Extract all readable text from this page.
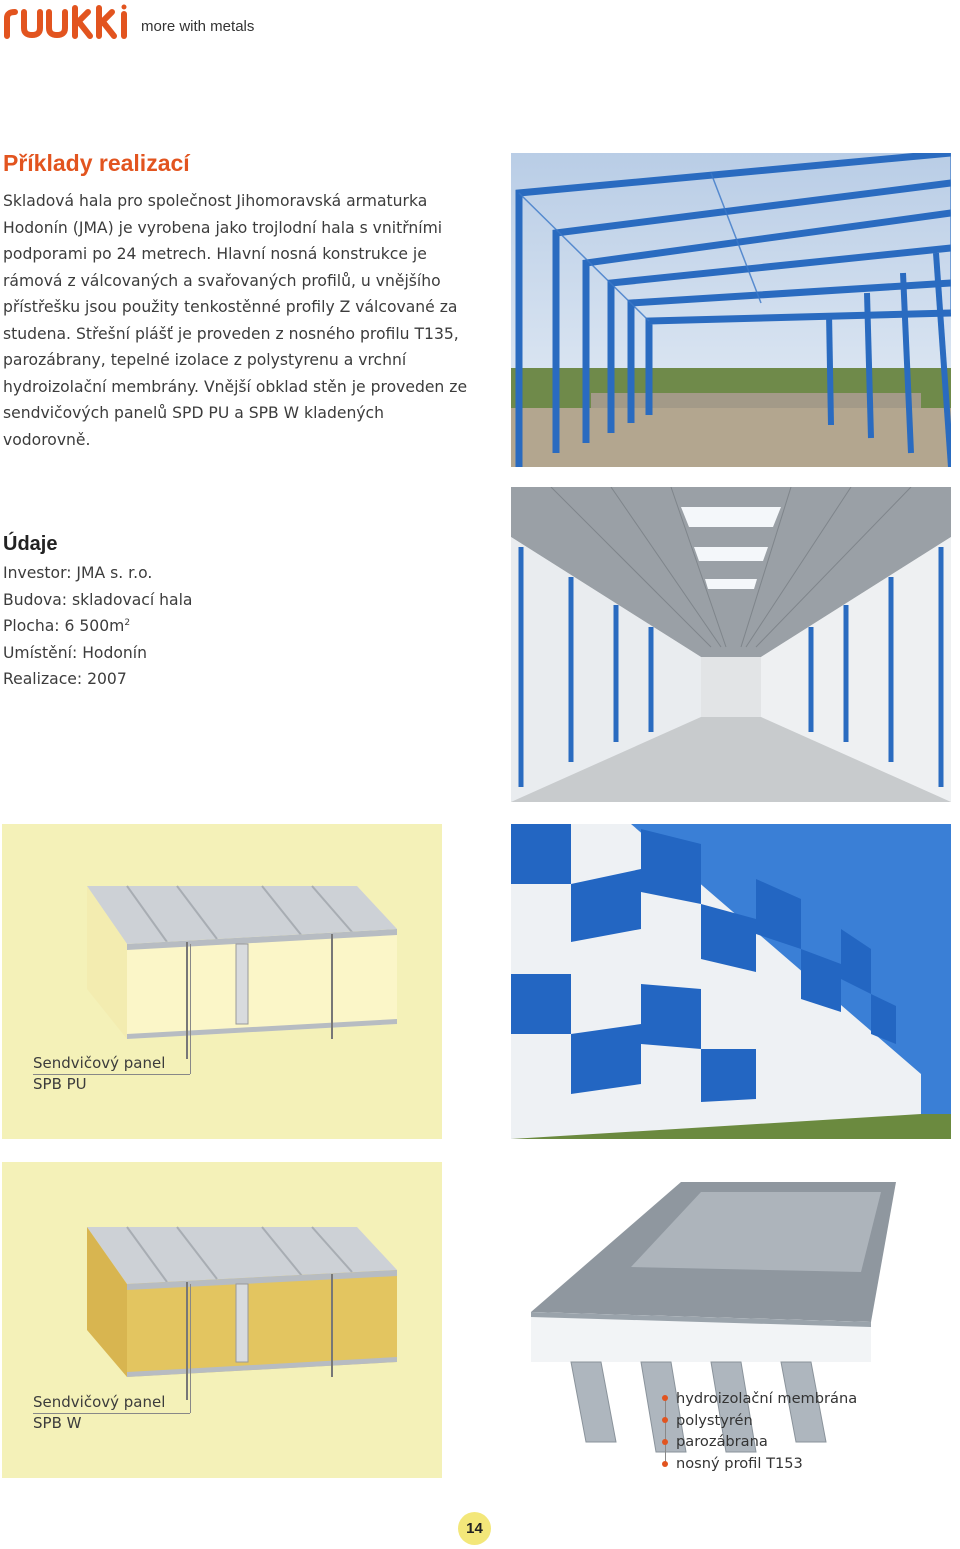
more with metals
Příklady realizací

Skladová hala pro společnost Jihomoravská armaturka Hodonín (JMA) je vyrobena jako trojlodní hala s vnitřními podporami po 24 metrech. Hlavní nosná konstrukce je rámová z válcovaných a svařovaných profilů, u vnějšího přístřešku jsou použity tenkostěnné profily Z válcované za studena. Střešní plášť je proveden z nosného profilu T135, parozábrany, tepelné izolace z polystyrenu a vrchní hydroizolační membrány. Vnější obklad stěn je proveden ze sendvičových panelů SPD PU a SPB W kladených vodorovně.

Údaje
Investor: JMA s. r.o.
Budova: skladovací hala
Plocha: 6 $500m^2$
Umístění: Hodonín
Realizace: 2007
Sendvičový panel
SPB PU
Sendvičový panel
SPB W
hydroizolační membrána
polystyrén
parozábrana
nosný profil T153
14
